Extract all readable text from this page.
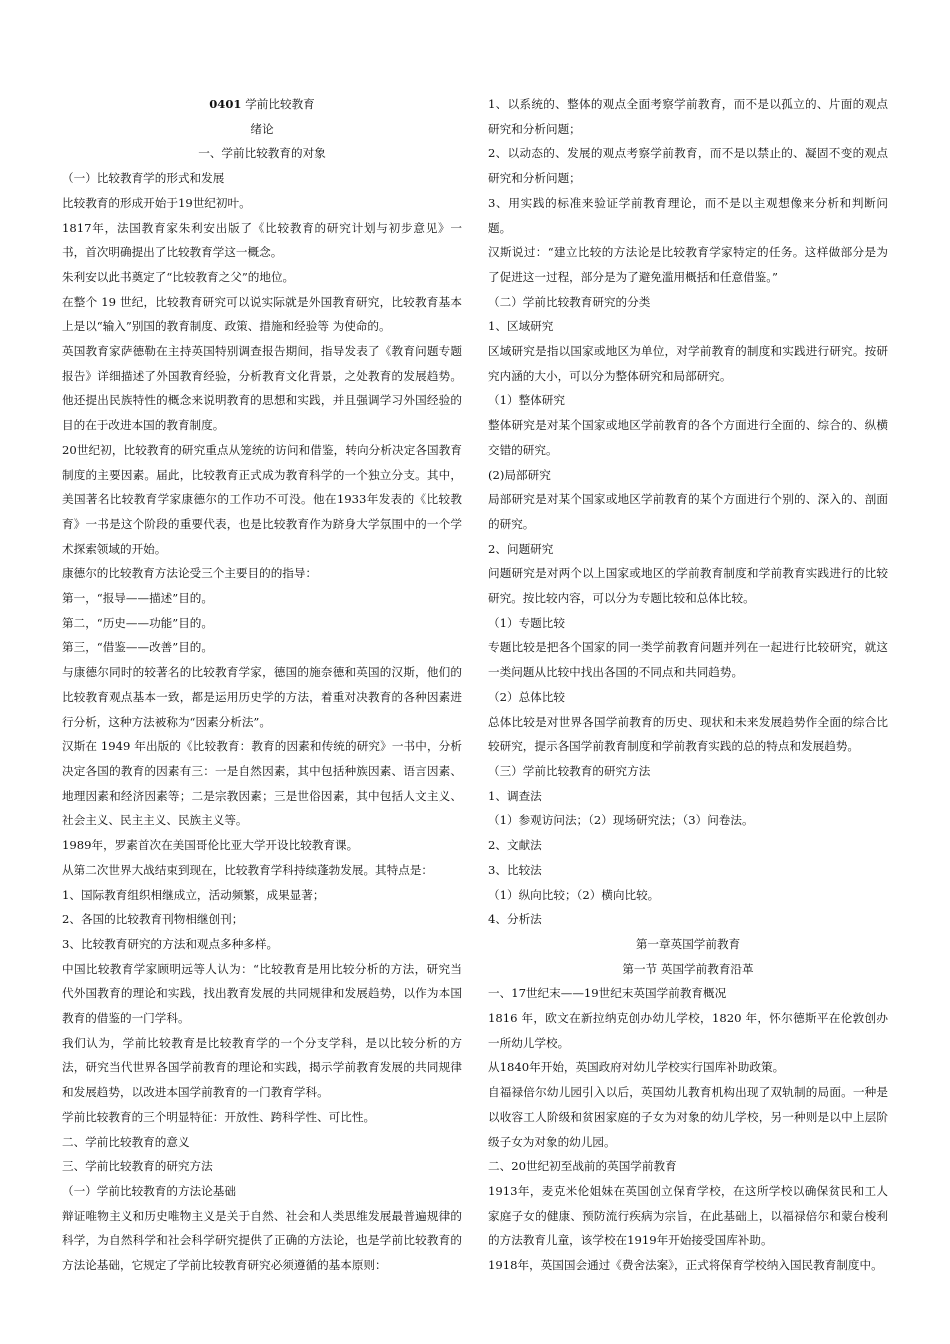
0401 学前比较教育

绪论

一、学前比较教育的对象

（一）比较教育学的形式和发展

比较教育的形成开始于19世纪初叶。

1817年，法国教育家朱利安出版了《比较教育的研究计划与初步意见》一书，首次明确提出了比较教育学这一概念。

朱利安以此书奠定了“比较教育之父”的地位。

在整个 19 世纪，比较教育研究可以说实际就是外国教育研究，比较教育基本上是以“输入”别国的教育制度、政策、措施和经验等 为使命的。

英国教育家萨德勒在主持英国特别调查报告期间，指导发表了《教育问题专题报告》详细描述了外国教育经验，分析教育文化背景，之处教育的发展趋势。他还提出民族特性的概念来说明教育的思想和实践，并且强调学习外国经验的目的在于改进本国的教育制度。

20世纪初，比较教育的研究重点从笼统的访问和借鉴，转向分析决定各国教育制度的主要因素。届此，比较教育正式成为教育科学的一个独立分支。其中，美国著名比较教育学家康德尔的工作功不可没。他在1933年发表的《比较教育》一书是这个阶段的重要代表，也是比较教育作为跻身大学氛围中的一个学术探索领域的开始。

康德尔的比较教育方法论受三个主要目的的指导：

第一，“报导——描述”目的。

第二，“历史——功能”目的。

第三，“借鉴——改善”目的。

与康德尔同时的较著名的比较教育学家，德国的施奈德和英国的汉斯，他们的比较教育观点基本一致，都是运用历史学的方法，着重对决教育的各种因素进行分析，这种方法被称为“因素分析法”。

汉斯在 1949 年出版的《比较教育：教育的因素和传统的研究》一书中，分析决定各国的教育的因素有三：一是自然因素，其中包括种族因素、语言因素、地理因素和经济因素等；二是宗教因素；三是世俗因素，其中包括人文主义、社会主义、民主主义、民族主义等。

1989年，罗素首次在美国哥伦比亚大学开设比较教育课。

从第二次世界大战结束到现在，比较教育学科持续蓬勃发展。其特点是：

1、国际教育组织相继成立，活动频繁，成果显著；

2、各国的比较教育刊物相继创刊；

3、比较教育研究的方法和观点多种多样。

中国比较教育学家顾明远等人认为：“比较教育是用比较分析的方法，研究当代外国教育的理论和实践，找出教育发展的共同规律和发展趋势，以作为本国教育的借鉴的一门学科。

我们认为，学前比较教育是比较教育学的一个分支学科，是以比较分析的方法，研究当代世界各国学前教育的理论和实践，揭示学前教育发展的共同规律和发展趋势，以改进本国学前教育的一门教育学科。

学前比较教育的三个明显特征：开放性、跨科学性、可比性。

二、学前比较教育的意义

三、学前比较教育的研究方法

（一）学前比较教育的方法论基础

辩证唯物主义和历史唯物主义是关于自然、社会和人类思维发展最普遍规律的科学，为自然科学和社会科学研究提供了正确的方法论，也是学前比较教育的方法论基础，它规定了学前比较教育研究必须遵循的基本原则：

1、以系统的、整体的观点全面考察学前教育，而不是以孤立的、片面的观点研究和分析问题；

2、以动态的、发展的观点考察学前教育，而不是以禁止的、凝固不变的观点研究和分析问题；

3、用实践的标准来验证学前教育理论，而不是以主观想像来分析和判断问题。

汉斯说过：“建立比较的方法论是比较教育学家特定的任务。这样做部分是为了促进这一过程，部分是为了避免滥用概括和任意借鉴。”

（二）学前比较教育研究的分类

1、区域研究

区域研究是指以国家或地区为单位，对学前教育的制度和实践进行研究。按研究内涵的大小，可以分为整体研究和局部研究。

（1）整体研究

整体研究是对某个国家或地区学前教育的各个方面进行全面的、综合的、纵横交错的研究。

(2)局部研究

局部研究是对某个国家或地区学前教育的某个方面进行个别的、深入的、剖面的研究。

2、问题研究

问题研究是对两个以上国家或地区的学前教育制度和学前教育实践进行的比较研究。按比较内容，可以分为专题比较和总体比较。

（1）专题比较

专题比较是把各个国家的同一类学前教育问题并列在一起进行比较研究，就这一类问题从比较中找出各国的不同点和共同趋势。

（2）总体比较

总体比较是对世界各国学前教育的历史、现状和未来发展趋势作全面的综合比较研究，提示各国学前教育制度和学前教育实践的总的特点和发展趋势。

（三）学前比较教育的研究方法

1、调查法

（1）参观访问法；（2）现场研究法；（3）问卷法。

2、文献法

3、比较法

（1）纵向比较；（2）横向比较。

4、分析法

第一章英国学前教育

第一节 英国学前教育沿革

一、17世纪末——19世纪末英国学前教育概况

1816 年，欧文在新拉纳克创办幼儿学校，1820 年，怀尔德斯平在伦敦创办一所幼儿学校。

从1840年开始，英国政府对幼儿学校实行国库补助政策。

自福禄倍尔幼儿园引入以后，英国幼儿教育机构出现了双轨制的局面。一种是以收容工人阶级和贫困家庭的子女为对象的幼儿学校，另一种则是以中上层阶级子女为对象的幼儿园。

二、20世纪初至战前的英国学前教育

1913年，麦克米伦姐妹在英国创立保育学校，在这所学校以确保贫民和工人家庭子女的健康、预防流行疾病为宗旨，在此基础上，以福禄倍尔和蒙台梭利的方法教育儿童，该学校在1919年开始接受国库补助。

1918年，英国国会通过《费舍法案》，正式将保育学校纳入国民教育制度中。
